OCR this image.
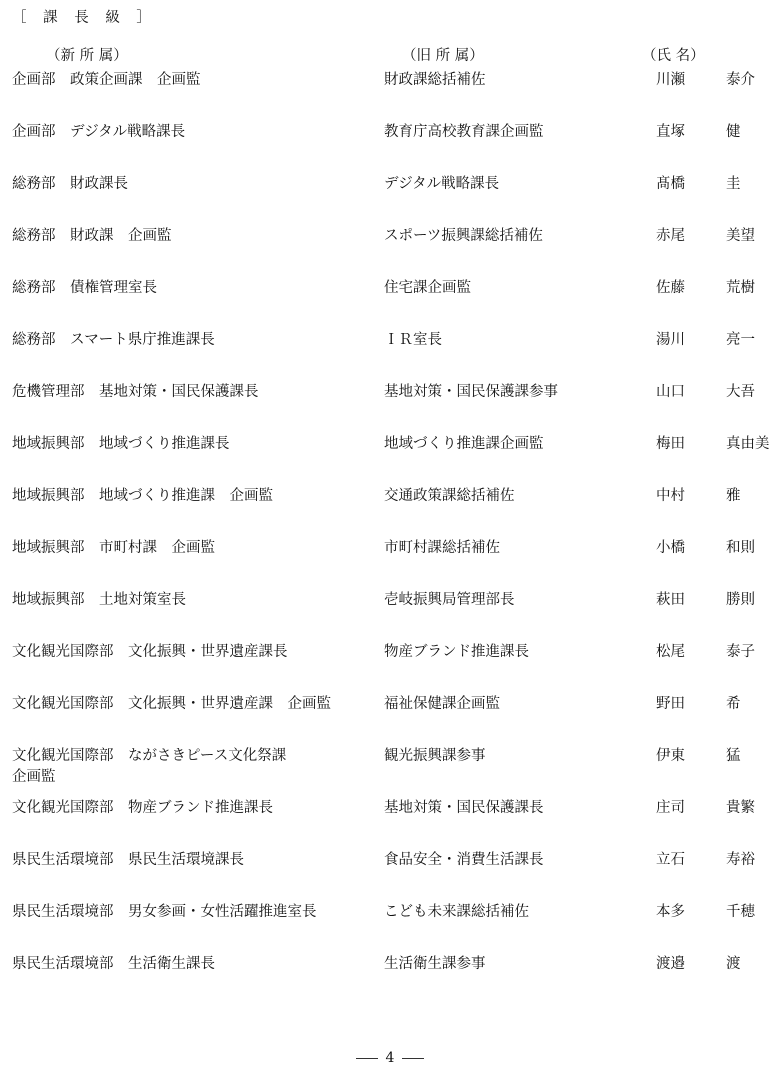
［ 課 長 級 ］
（新 所 属）	（旧 所 属）	（氏 名）
企画部　政策企画課　企画監	財政課総括補佐	川瀬	泰介
企画部　デジタル戦略課長	教育庁高校教育課企画監	直塚	健
総務部　財政課長	デジタル戦略課長	髙橋	圭
総務部　財政課　企画監	スポーツ振興課総括補佐	赤尾	美望
総務部　債権管理室長	住宅課企画監	佐藤	荒樹
総務部　スマート県庁推進課長	ＩＲ室長	湯川	亮一
危機管理部　基地対策・国民保護課長	基地対策・国民保護課参事	山口	大吾
地域振興部　地域づくり推進課長	地域づくり推進課企画監	梅田	真由美
地域振興部　地域づくり推進課　企画監	交通政策課総括補佐	中村	雅
地域振興部　市町村課　企画監	市町村課総括補佐	小橋	和則
地域振興部　土地対策室長	壱岐振興局管理部長	萩田	勝則
文化観光国際部　文化振興・世界遺産課長	物産ブランド推進課長	松尾	泰子
文化観光国際部　文化振興・世界遺産課　企画監	福祉保健課企画監	野田	希
文化観光国際部　ながさきピース文化祭課
企画監
観光振興課参事	伊東	猛
文化観光国際部　物産ブランド推進課長	基地対策・国民保護課長	庄司	貴繁
県民生活環境部　県民生活環境課長	食品安全・消費生活課長	立石	寿裕
県民生活環境部　男女参画・女性活躍推進室長	こども未来課総括補佐	本多	千穂
県民生活環境部　生活衛生課長	生活衛生課参事	渡邉	渡
4
